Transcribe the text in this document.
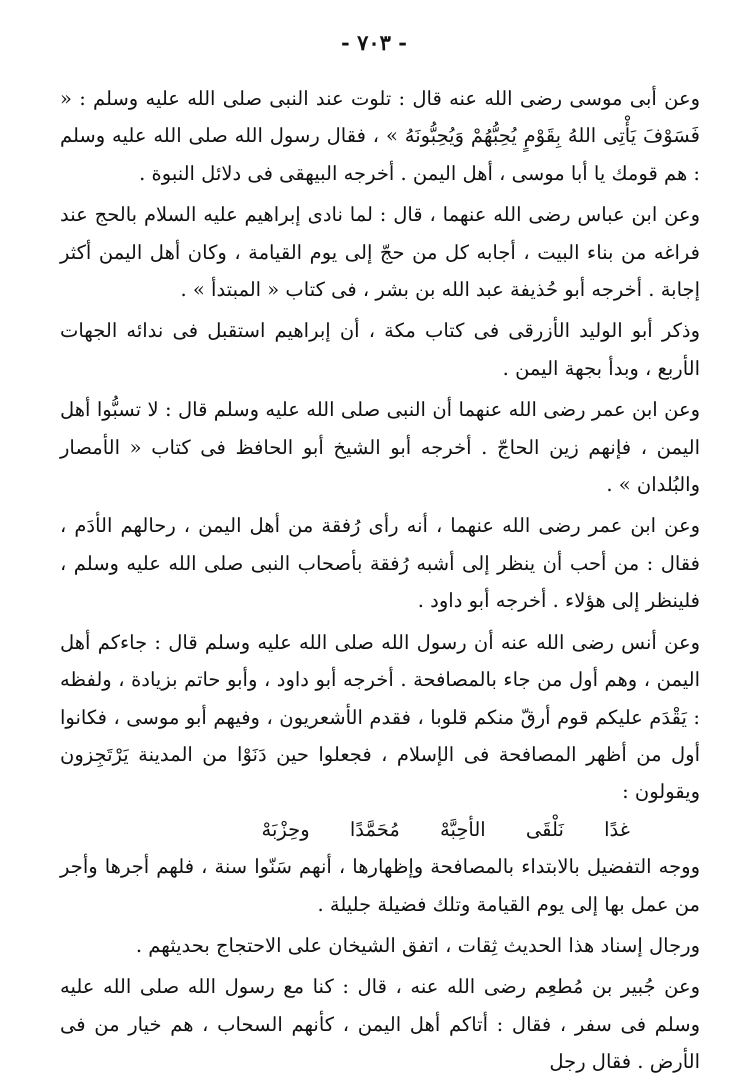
- ٧٠٣ -

وعن أبى موسى رضى الله عنه قال : تلوت عند النبى صلى الله عليه وسلم : « فَسَوْفَ يَأْتِى اللهُ بِقَوْمٍ يُحِبُّهُمْ وَيُحِبُّونَهُ » ، فقال رسول الله صلى الله عليه وسلم : هم قومك يا أبا موسى ، أهل اليمن . أخرجه البيهقى فى دلائل النبوة .

وعن ابن عباس رضى الله عنهما ، قال : لما نادى إبراهيم عليه السلام بالحج عند فراغه من بناء البيت ، أجابه كل من حجّ إلى يوم القيامة ، وكان أهل اليمن أكثر إجابة . أخرجه أبو حُذيفة عبد الله بن بشر ، فى كتاب « المبتدأ » .

وذكر أبو الوليد الأزرقى فى كتاب مكة ، أن إبراهيم استقبل فى ندائه الجهات الأربع ، وبدأ بجهة اليمن .

وعن ابن عمر رضى الله عنهما أن النبى صلى الله عليه وسلم قال : لا تسبُّوا أهل اليمن ، فإنهم زين الحاجّ . أخرجه أبو الشيخ أبو الحافظ فى كتاب « الأمصار والبُلدان » .

وعن ابن عمر رضى الله عنهما ، أنه رأى رُفقة من أهل اليمن ، رحالهم الأدَم ، فقال : من أحب أن ينظر إلى أشبه رُفقة بأصحاب النبى صلى الله عليه وسلم ، فلينظر إلى هؤلاء . أخرجه أبو داود .

وعن أنس رضى الله عنه أن رسول الله صلى الله عليه وسلم قال : جاءكم أهل اليمن ، وهم أول من جاء بالمصافحة . أخرجه أبو داود ، وأبو حاتم بزيادة ، ولفظه : يَقْدَم عليكم قوم أرقّ منكم قلوبا ، فقدم الأشعريون ، وفيهم أبو موسى ، فكانوا أول من أظهر المصافحة فى الإسلام ، فجعلوا حين دَنَوْا من المدينة يَرْتَجِزون ويقولون :

غدًا نَلْقَى الأحِبَّهْ مُحَمَّدًا وحِزْبَهْ

ووجه التفضيل بالابتداء بالمصافحة وإظهارها ، أنهم سَنّوا سنة ، فلهم أجرها وأجر من عمل بها إلى يوم القيامة وتلك فضيلة جليلة .

ورجال إسناد هذا الحديث ثِقات ، اتفق الشيخان على الاحتجاج بحديثهم .

وعن جُبير بن مُطعِم رضى الله عنه ، قال : كنا مع رسول الله صلى الله عليه وسلم فى سفر ، فقال : أتاكم أهل اليمن ، كأنهم السحاب ، هم خيار من فى الأرض . فقال رجل
